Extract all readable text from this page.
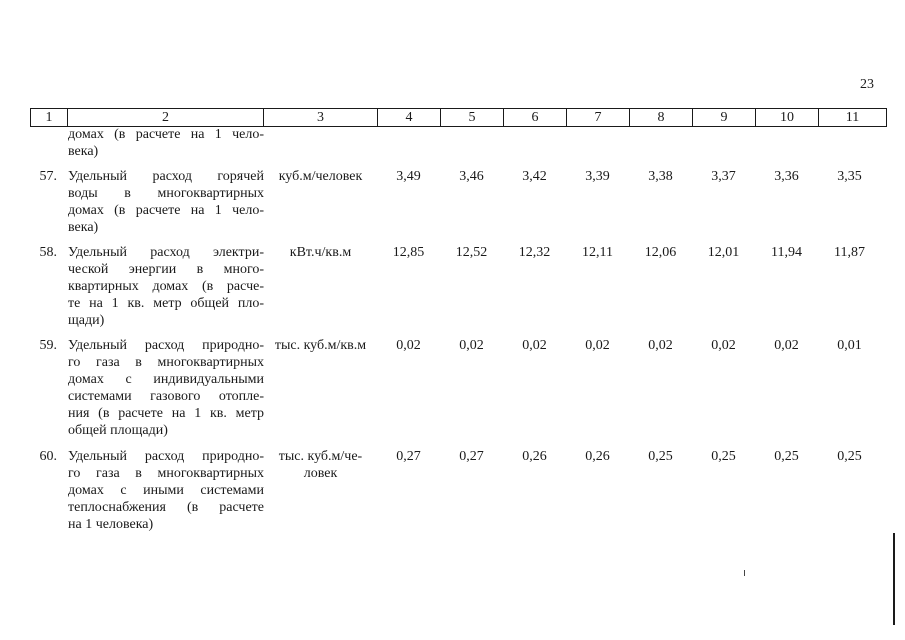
23
1	2	3	4	5	6	7	8	9	10	11
домах (в расчете на 1 чело-
века)
57. Удельный расход горячей
воды в многоквартирных
домах (в расчете на 1 чело-
века)
куб.м/человек	3,49	3,46	3,42	3,39	3,38	3,37	3,36	3,35
58. Удельный расход электри-
ческой энергии в много-
квартирных домах (в расче-
те на 1 кв. метр общей пло-
щади)
кВт.ч/кв.м	12,85	12,52	12,32	12,11	12,06	12,01	11,94	11,87
59. Удельный расход природно-
го газа в многоквартирных
домах с индивидуальными
системами газового отопле-
ния (в расчете на 1 кв. метр
общей площади)
тыс. куб.м/кв.м	0,02	0,02	0,02	0,02	0,02	0,02	0,02	0,01
60. Удельный расход природно-
го газа в многоквартирных
домах с иными системами
теплоснабжения (в расчете
на 1 человека)
тыс. куб.м/че-
ловек
0,27	0,27	0,26	0,26	0,25	0,25	0,25	0,25
